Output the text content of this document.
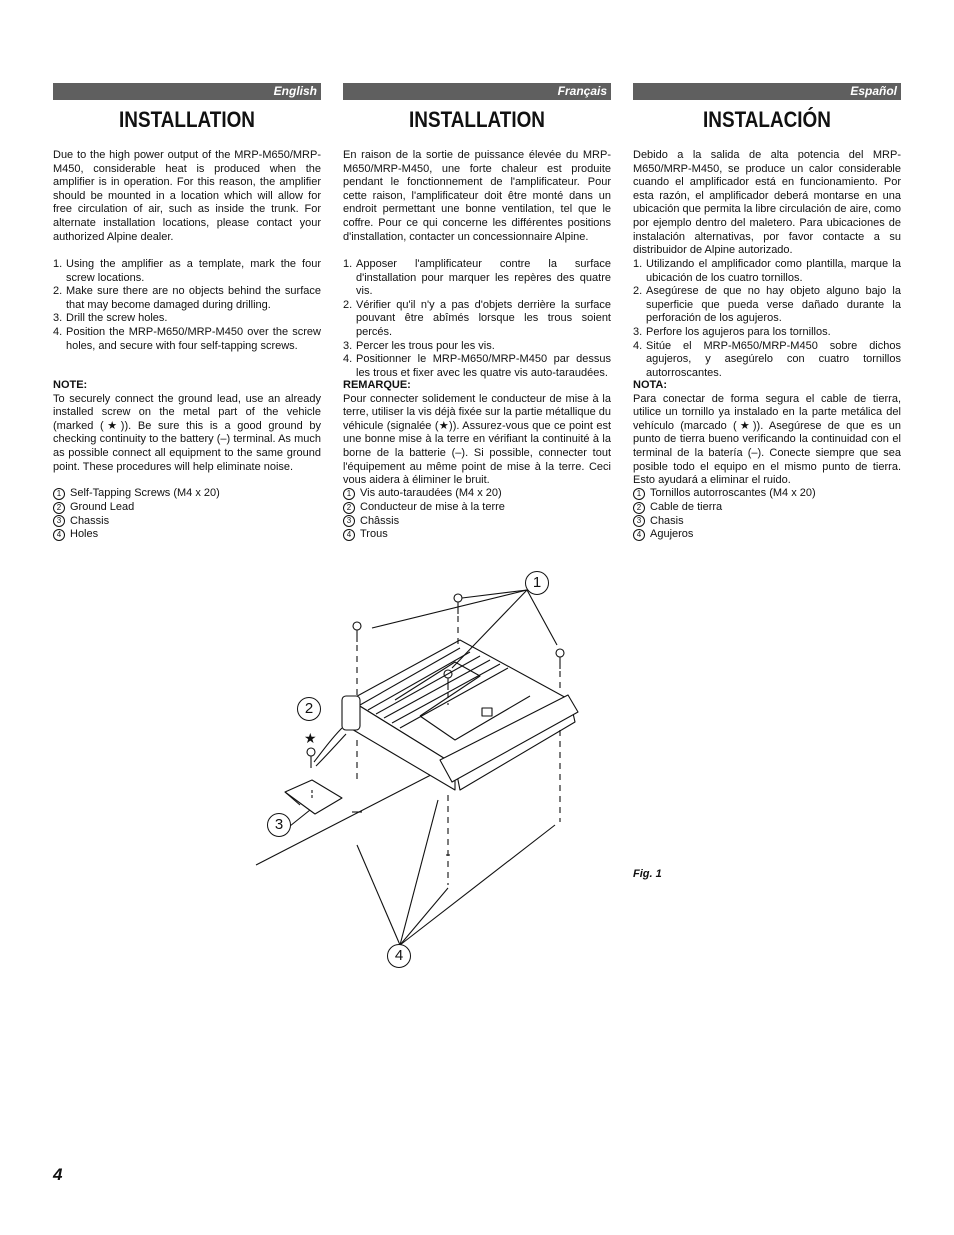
English
INSTALLATION
Due to the high power output of the MRP-M650/MRP-M450, considerable heat is produced when the amplifier is in operation. For this reason, the amplifier should be mounted in a location which will allow for free circulation of air, such as inside the trunk. For alternate installation locations, please contact your authorized Alpine dealer.
1. Using the amplifier as a template, mark the four screw locations.
2. Make sure there are no objects behind the surface that may become damaged during drilling.
3. Drill the screw holes.
4. Position the MRP-M650/MRP-M450 over the screw holes, and secure with four self-tapping screws.
NOTE:
To securely connect the ground lead, use an already installed screw on the metal part of the vehicle (marked (★)). Be sure this is a good ground by checking continuity to the battery (–) terminal. As much as possible connect all equipment to the same ground point. These procedures will help eliminate noise.
1 Self-Tapping Screws (M4 x 20)
2 Ground Lead
3 Chassis
4 Holes
Français
INSTALLATION
En raison de la sortie de puissance élevée du MRP-M650/MRP-M450, une forte chaleur est produite pendant le fonctionnement de l'amplificateur. Pour cette raison, l'amplificateur doit être monté dans un endroit permettant une bonne ventilation, tel que le coffre. Pour ce qui concerne les différentes positions d'installation, contacter un concessionnaire Alpine.
1. Apposer l'amplificateur contre la surface d'installation pour marquer les repères des quatre vis.
2. Vérifier qu'il n'y a pas d'objets derrière la surface pouvant être abîmés lorsque les trous soient percés.
3. Percer les trous pour les vis.
4. Positionner le MRP-M650/MRP-M450 par dessus les trous et fixer avec les quatre vis auto-taraudées.
REMARQUE:
Pour connecter solidement le conducteur de mise à la terre, utiliser la vis déjà fixée sur la partie métallique du véhicule (signalée (★)). Assurez-vous que ce point est une bonne mise à la terre en vérifiant la continuité à la borne de la batterie (–). Si possible, connecter tout l'équipement au même point de mise à la terre. Ceci vous aidera à éliminer le bruit.
1 Vis auto-taraudées (M4 x 20)
2 Conducteur de mise à la terre
3 Châssis
4 Trous
Español
INSTALACIÓN
Debido a la salida de alta potencia del MRP-M650/MRP-M450, se produce un calor considerable cuando el amplificador está en funcionamiento. Por esta razón, el amplificador deberá montarse en una ubicación que permita la libre circulación de aire, como por ejemplo dentro del maletero. Para ubicaciones de instalación alternativas, por favor contacte a su distribuidor de Alpine autorizado.
1. Utilizando el amplificador como plantilla, marque la ubicación de los cuatro tornillos.
2. Asegúrese de que no hay objeto alguno bajo la superficie que pueda verse dañado durante la perforación de los agujeros.
3. Perfore los agujeros para los tornillos.
4. Sitúe el MRP-M650/MRP-M450 sobre dichos agujeros, y asegúrelo con cuatro tornillos autorroscantes.
NOTA:
Para conectar de forma segura el cable de tierra, utilice un tornillo ya instalado en la parte metálica del vehículo (marcado (★)). Asegúrese de que es un punto de tierra bueno verificando la continuidad con el terminal de la batería (–). Conecte siempre que sea posible todo el equipo en el mismo punto de tierra. Esto ayudará a eliminar el ruido.
1 Tornillos autorroscantes (M4 x 20)
2 Cable de tierra
3 Chasis
4 Agujeros
1
2
3
4
★
Fig. 1
4
